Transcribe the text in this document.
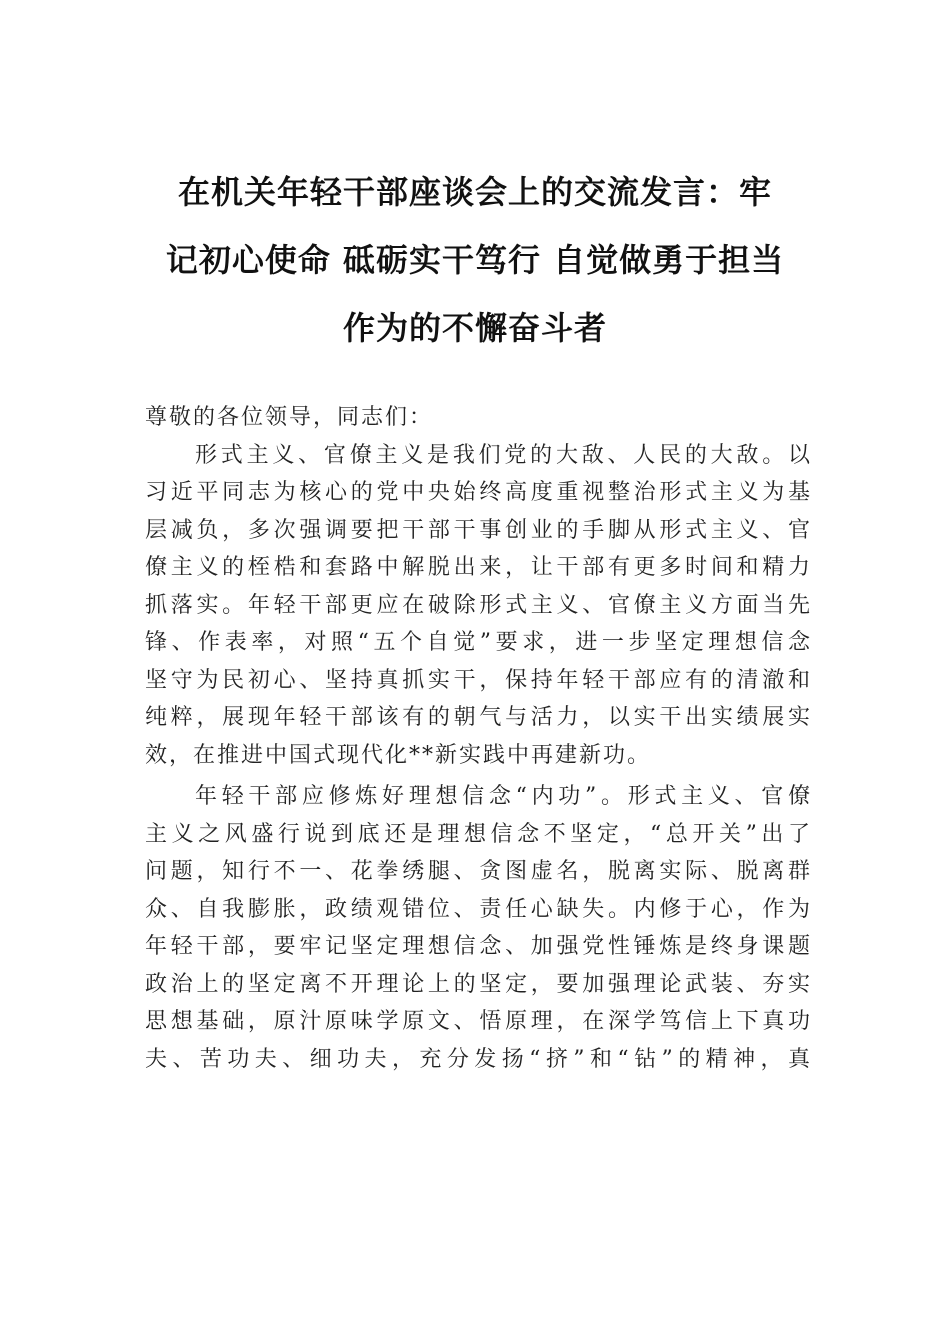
在机关年轻干部座谈会上的交流发言：牢
记初心使命 砥砺实干笃行 自觉做勇于担当
作为的不懈奋斗者
尊敬的各位领导，同志们：
形式主义、官僚主义是我们党的大敌、人民的大敌。以
习近平同志为核心的党中央始终高度重视整治形式主义为基
层减负，多次强调要把干部干事创业的手脚从形式主义、官
僚主义的桎梏和套路中解脱出来，让干部有更多时间和精力
抓落实。年轻干部更应在破除形式主义、官僚主义方面当先
锋、作表率，对照“五个自觉”要求，进一步坚定理想信念
坚守为民初心、坚持真抓实干，保持年轻干部应有的清澈和
纯粹，展现年轻干部该有的朝气与活力，以实干出实绩展实
效，在推进中国式现代化**新实践中再建新功。
年轻干部应修炼好理想信念“内功”。形式主义、官僚
主义之风盛行说到底还是理想信念不坚定，“总开关”出了
问题，知行不一、花拳绣腿、贪图虚名，脱离实际、脱离群
众、自我膨胀，政绩观错位、责任心缺失。内修于心，作为
年轻干部，要牢记坚定理想信念、加强党性锤炼是终身课题
政治上的坚定离不开理论上的坚定，要加强理论武装、夯实
思想基础，原汁原味学原文、悟原理，在深学笃信上下真功
夫、苦功夫、细功夫，充分发扬“挤”和“钻”的精神，真
